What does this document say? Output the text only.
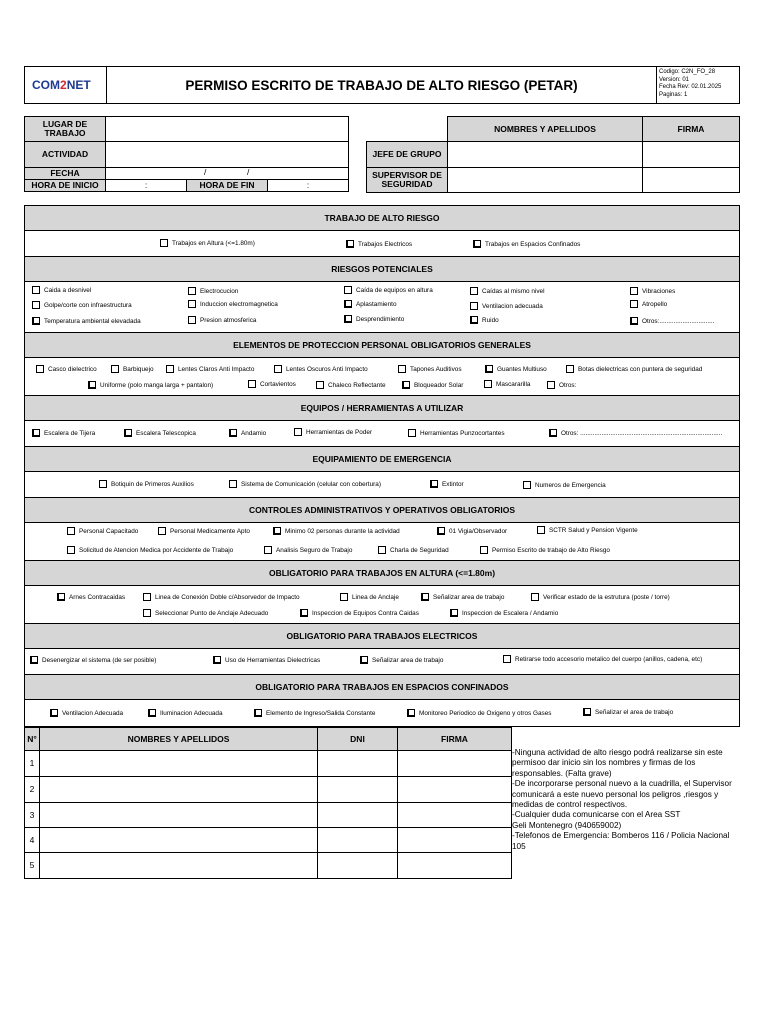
COM2NET	PERMISO ESCRITO DE TRABAJO DE ALTO RIESGO (PETAR)
Codigo: C2N_FO_28
Version: 01
Fecha Rev: 02.01.2025
Paginas: 1
LUGAR DE TRABAJO
ACTIVIDAD
FECHA	/	/
HORA DE INICIO	:	HORA DE FIN	:
NOMBRES Y APELLIDOS	FIRMA
JEFE DE GRUPO
SUPERVISOR DE SEGURIDAD
TRABAJO DE ALTO RIESGO
Trabajos en Altura (<=1.80m)	Trabajos Electricos	Trabajos en Espacios Confinados
RIESGOS POTENCIALES
Caida a desnivel	Electrocucion	Caída de equipos en altura	Caídas al mismo nivel	Vibraciones
Golpe/corte con infraestructura	Induccion electromagnetica	Aplastamiento	Ventilacion adecuada	Atropello
Temperatura ambiental elevadada	Presion atmosferica	Desprendimiento	Ruido	Otros:...............................
ELEMENTOS DE PROTECCION PERSONAL OBLIGATORIOS GENERALES
Casco dielectrico	Barbiquejo	Lentes Claros Anti Impacto	Lentes Oscuros Anti Impacto	Tapones Auditivos	Guantes Multiuso	Botas dielectricas con puntera de seguridad
Uniforme (polo manga larga + pantalon)	Cortavientos	Chaleco Reflectante	Bloqueador Solar	Mascararilla	Otros:
EQUIPOS / HERRAMIENTAS A UTILIZAR
Escalera de Tijera	Escalera Telescopica	Andamio	Herramientas de Poder	Herramientas Punzocortantes	Otros: ................................................................................
EQUIPAMIENTO DE EMERGENCIA
Botiquin de Primeros Auxilios	Sistema de Comunicación (celular con cobertura)	Extintor	Numeros de Emergencia
CONTROLES ADMINISTRATIVOS Y OPERATIVOS OBLIGATORIOS
Personal Capacitado	Personal Medicamente Apto	Minimo 02 personas durante la actividad	01 Vigia/Observador	SCTR Salud y Pension Vigente
Solicitud de Atencion Medica por Accidente de Trabajo	Analisis Seguro de Trabajo	Charla de Seguridad	Permiso Escrito de trabajo de Alto Riesgo
OBLIGATORIO PARA TRABAJOS EN ALTURA (<=1.80m)
Arnes Contracaidas	Linea de Conexión Doble c/Absorvedor de Impacto	Linea de Anclaje	Señalizar area de trabajo	Verificar estado de la estrutura (poste / torre)
Seleccionar Punto de Anclaje Adecuado	Inspeccion de Equipos Contra Caidas	Inspeccion de Escalera / Andamio
OBLIGATORIO PARA TRABAJOS ELECTRICOS
Desenergizar el sistema (de ser posible)	Uso de Herramientas Dielectricas	Señalizar area de trabajo	Retirarse todo accesorio metalico del cuerpo (anillos, cadena, etc)
OBLIGATORIO PARA TRABAJOS EN ESPACIOS CONFINADOS
Ventilacion Adecuada	Iluminacion Adecuada	Elemento de Ingreso/Salida Constante	Monitoreo Periodico de Oxigeno y otros Gases	Señalizar el area de trabajo
N°	NOMBRES Y APELLIDOS	DNI	FIRMA
1
2
3
4
5
-Ninguna actividad de alto riesgo podrá realizarse sin este permisoo dar inicio sin los nombres y firmas de los responsables. (Falta grave)
-De incorporarse personal nuevo a la cuadrilla, el Supervisor comunicará a este nuevo personal los peligros ,riesgos y medidas de control respectivos.
-Cualquier duda comunicarse con el Area SST
Geli Montenegro (940659002)
-Telefonos de Emergencia: Bomberos 116 / Policia Nacional 105
